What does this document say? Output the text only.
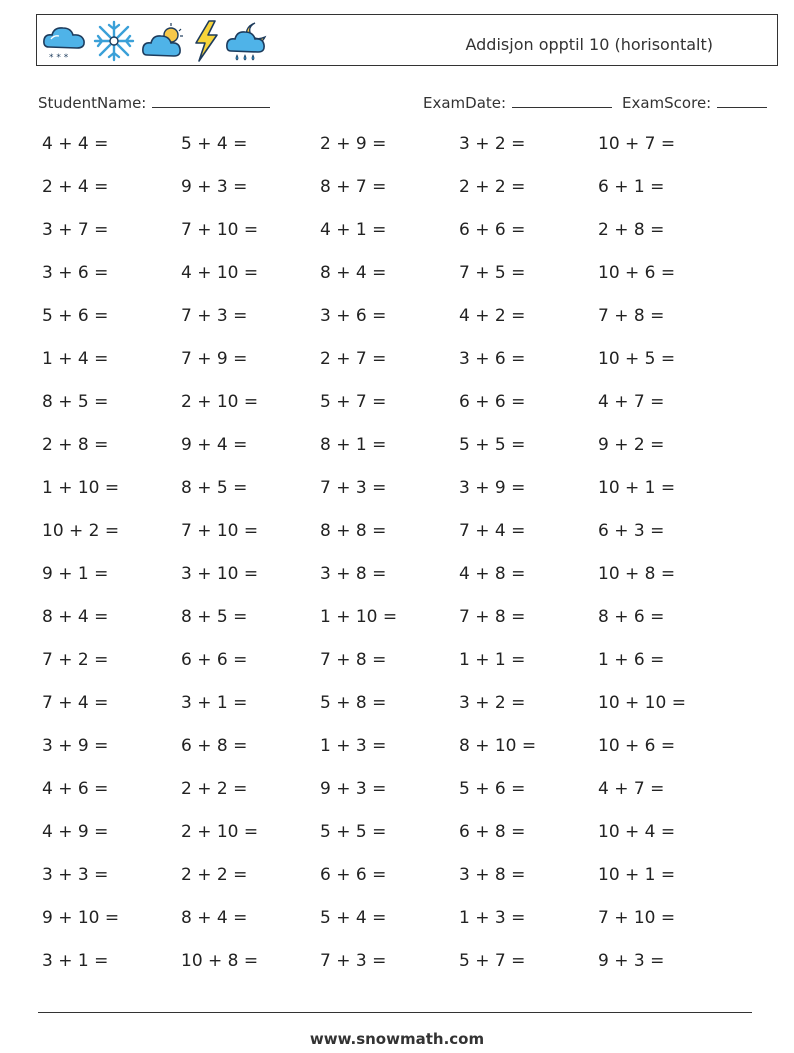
* * *
Addisjon opptil 10 (horisontalt)
StudentName:	ExamDate:	ExamScore:
4 + 4 =	5 + 4 =	2 + 9 =	3 + 2 =	10 + 7 =
2 + 4 =	9 + 3 =	8 + 7 =	2 + 2 =	6 + 1 =
3 + 7 =	7 + 10 =	4 + 1 =	6 + 6 =	2 + 8 =
3 + 6 =	4 + 10 =	8 + 4 =	7 + 5 =	10 + 6 =
5 + 6 =	7 + 3 =	3 + 6 =	4 + 2 =	7 + 8 =
1 + 4 =	7 + 9 =	2 + 7 =	3 + 6 =	10 + 5 =
8 + 5 =	2 + 10 =	5 + 7 =	6 + 6 =	4 + 7 =
2 + 8 =	9 + 4 =	8 + 1 =	5 + 5 =	9 + 2 =
1 + 10 =	8 + 5 =	7 + 3 =	3 + 9 =	10 + 1 =
10 + 2 =	7 + 10 =	8 + 8 =	7 + 4 =	6 + 3 =
9 + 1 =	3 + 10 =	3 + 8 =	4 + 8 =	10 + 8 =
8 + 4 =	8 + 5 =	1 + 10 =	7 + 8 =	8 + 6 =
7 + 2 =	6 + 6 =	7 + 8 =	1 + 1 =	1 + 6 =
7 + 4 =	3 + 1 =	5 + 8 =	3 + 2 =	10 + 10 =
3 + 9 =	6 + 8 =	1 + 3 =	8 + 10 =	10 + 6 =
4 + 6 =	2 + 2 =	9 + 3 =	5 + 6 =	4 + 7 =
4 + 9 =	2 + 10 =	5 + 5 =	6 + 8 =	10 + 4 =
3 + 3 =	2 + 2 =	6 + 6 =	3 + 8 =	10 + 1 =
9 + 10 =	8 + 4 =	5 + 4 =	1 + 3 =	7 + 10 =
3 + 1 =	10 + 8 =	7 + 3 =	5 + 7 =	9 + 3 =
www.snowmath.com
